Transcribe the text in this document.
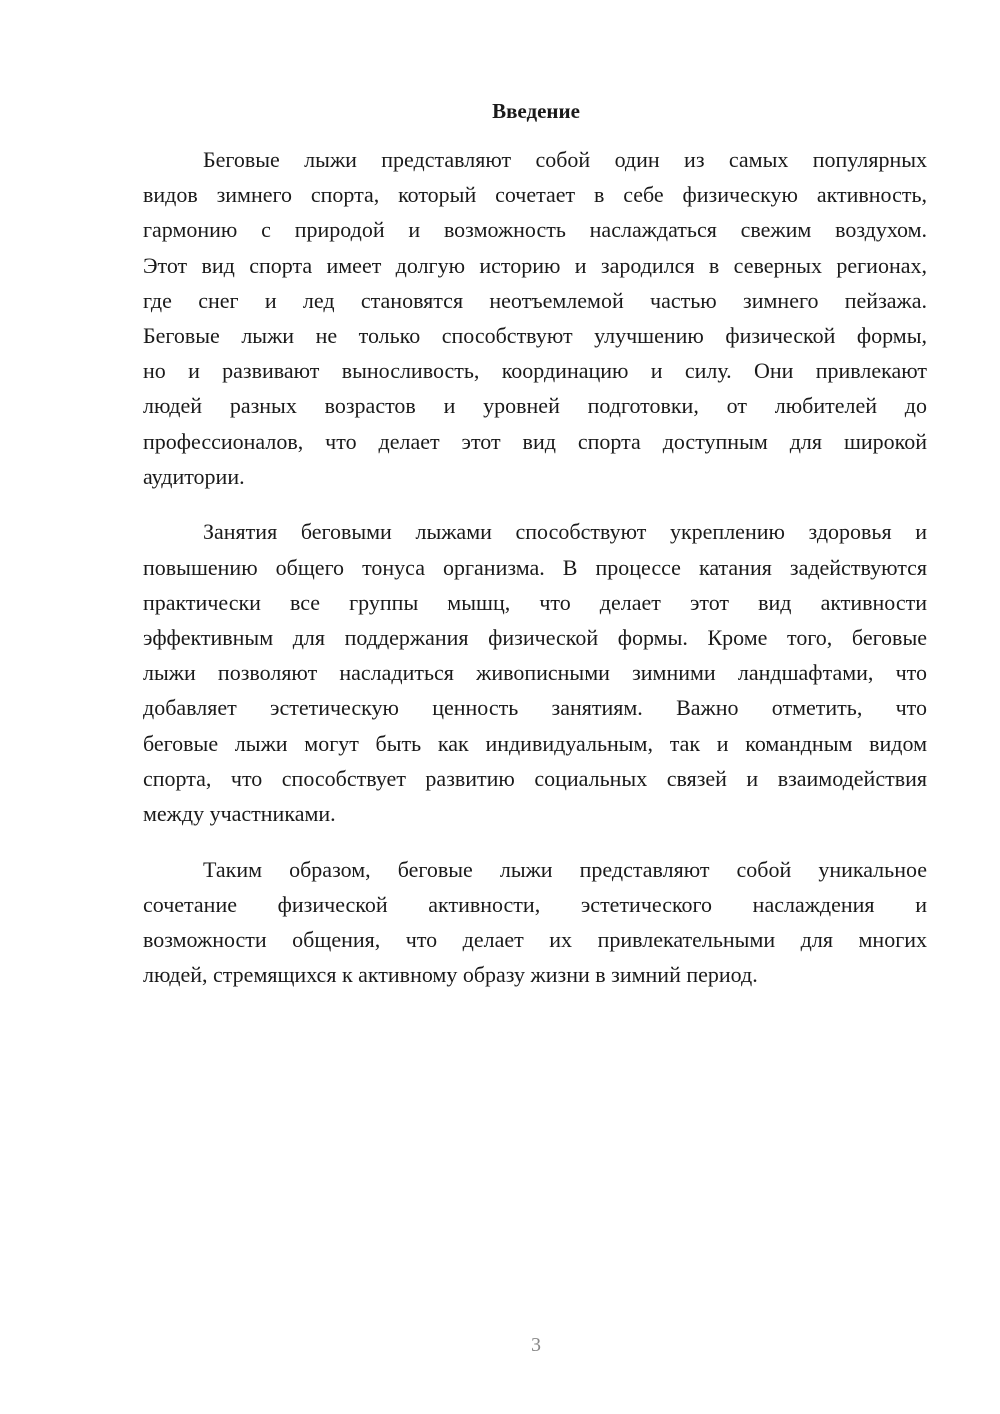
Введение
Беговые лыжи представляют собой один из самых популярных
видов зимнего спорта, который сочетает в себе физическую активность,
гармонию с природой и возможность наслаждаться свежим воздухом.
Этот вид спорта имеет долгую историю и зародился в северных регионах,
где снег и лед становятся неотъемлемой частью зимнего пейзажа.
Беговые лыжи не только способствуют улучшению физической формы,
но и развивают выносливость, координацию и силу. Они привлекают
людей разных возрастов и уровней подготовки, от любителей до
профессионалов, что делает этот вид спорта доступным для широкой
аудитории.
Занятия беговыми лыжами способствуют укреплению здоровья и
повышению общего тонуса организма. В процессе катания задействуются
практически все группы мышц, что делает этот вид активности
эффективным для поддержания физической формы. Кроме того, беговые
лыжи позволяют насладиться живописными зимними ландшафтами, что
добавляет эстетическую ценность занятиям. Важно отметить, что
беговые лыжи могут быть как индивидуальным, так и командным видом
спорта, что способствует развитию социальных связей и взаимодействия
между участниками.
Таким образом, беговые лыжи представляют собой уникальное
сочетание физической активности, эстетического наслаждения и
возможности общения, что делает их привлекательными для многих
людей, стремящихся к активному образу жизни в зимний период.
3
